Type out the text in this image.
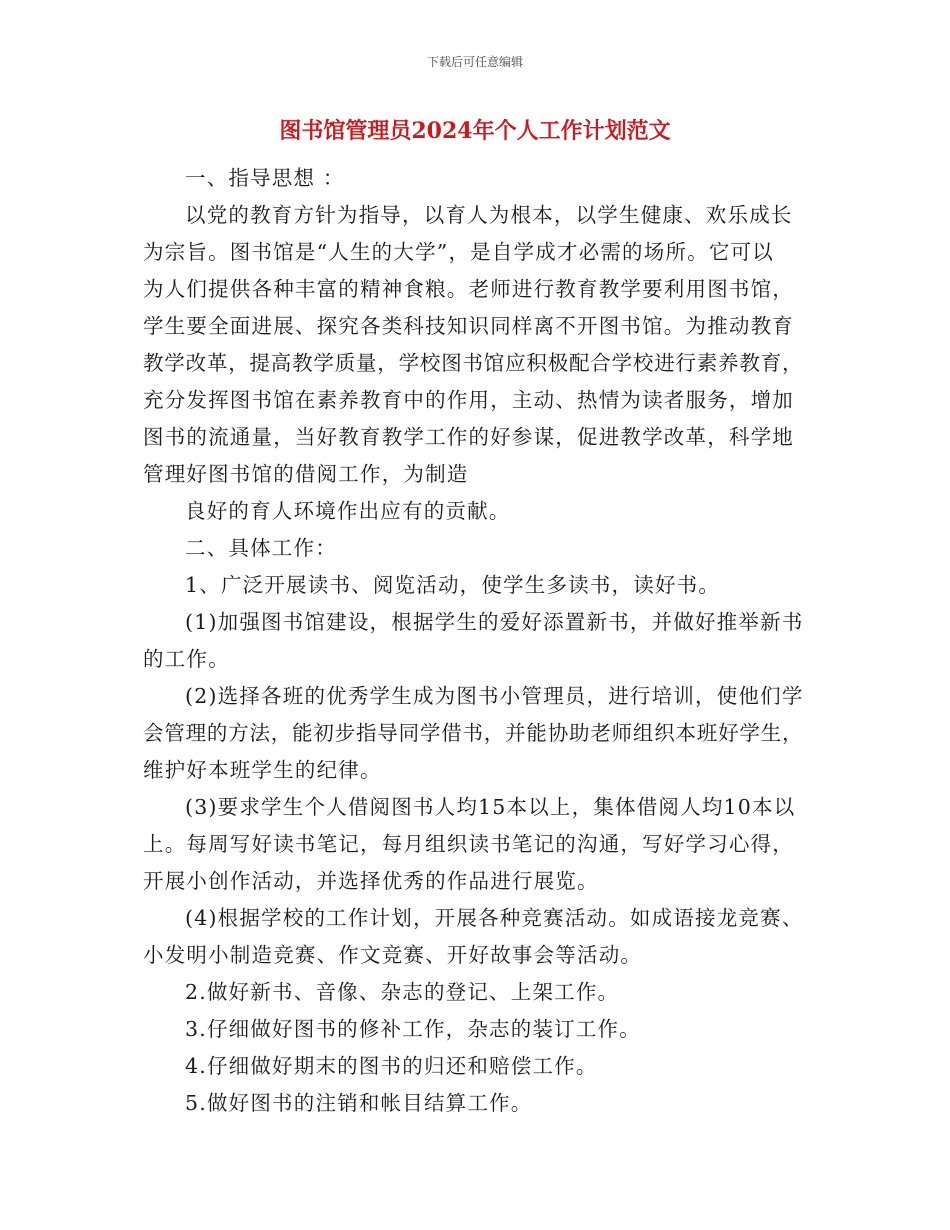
下载后可任意编辑
图书馆管理员2024年个人工作计划范文

一、指导思想 ：
以党的教育方针为指导，以育人为根本，以学生健康、欢乐成长
为宗旨。图书馆是“人生的大学”，是自学成才必需的场所。它可以
为人们提供各种丰富的精神食粮。老师进行教育教学要利用图书馆，
学生要全面进展、探究各类科技知识同样离不开图书馆。为推动教育
教学改革，提高教学质量，学校图书馆应积极配合学校进行素养教育，
充分发挥图书馆在素养教育中的作用，主动、热情为读者服务，增加
图书的流通量，当好教育教学工作的好参谋，促进教学改革，科学地
管理好图书馆的借阅工作，为制造
良好的育人环境作出应有的贡献。
二、具体工作：
1、广泛开展读书、阅览活动，使学生多读书，读好书。
(1)加强图书馆建设，根据学生的爱好添置新书，并做好推举新书
的工作。
(2)选择各班的优秀学生成为图书小管理员，进行培训，使他们学
会管理的方法，能初步指导同学借书，并能协助老师组织本班好学生，
维护好本班学生的纪律。
(3)要求学生个人借阅图书人均15本以上，集体借阅人均10本以
上。每周写好读书笔记，每月组织读书笔记的沟通，写好学习心得，
开展小创作活动，并选择优秀的作品进行展览。
(4)根据学校的工作计划，开展各种竞赛活动。如成语接龙竞赛、
小发明小制造竞赛、作文竞赛、开好故事会等活动。
2.做好新书、音像、杂志的登记、上架工作。
3.仔细做好图书的修补工作，杂志的装订工作。
4.仔细做好期末的图书的归还和赔偿工作。
5.做好图书的注销和帐目结算工作。
